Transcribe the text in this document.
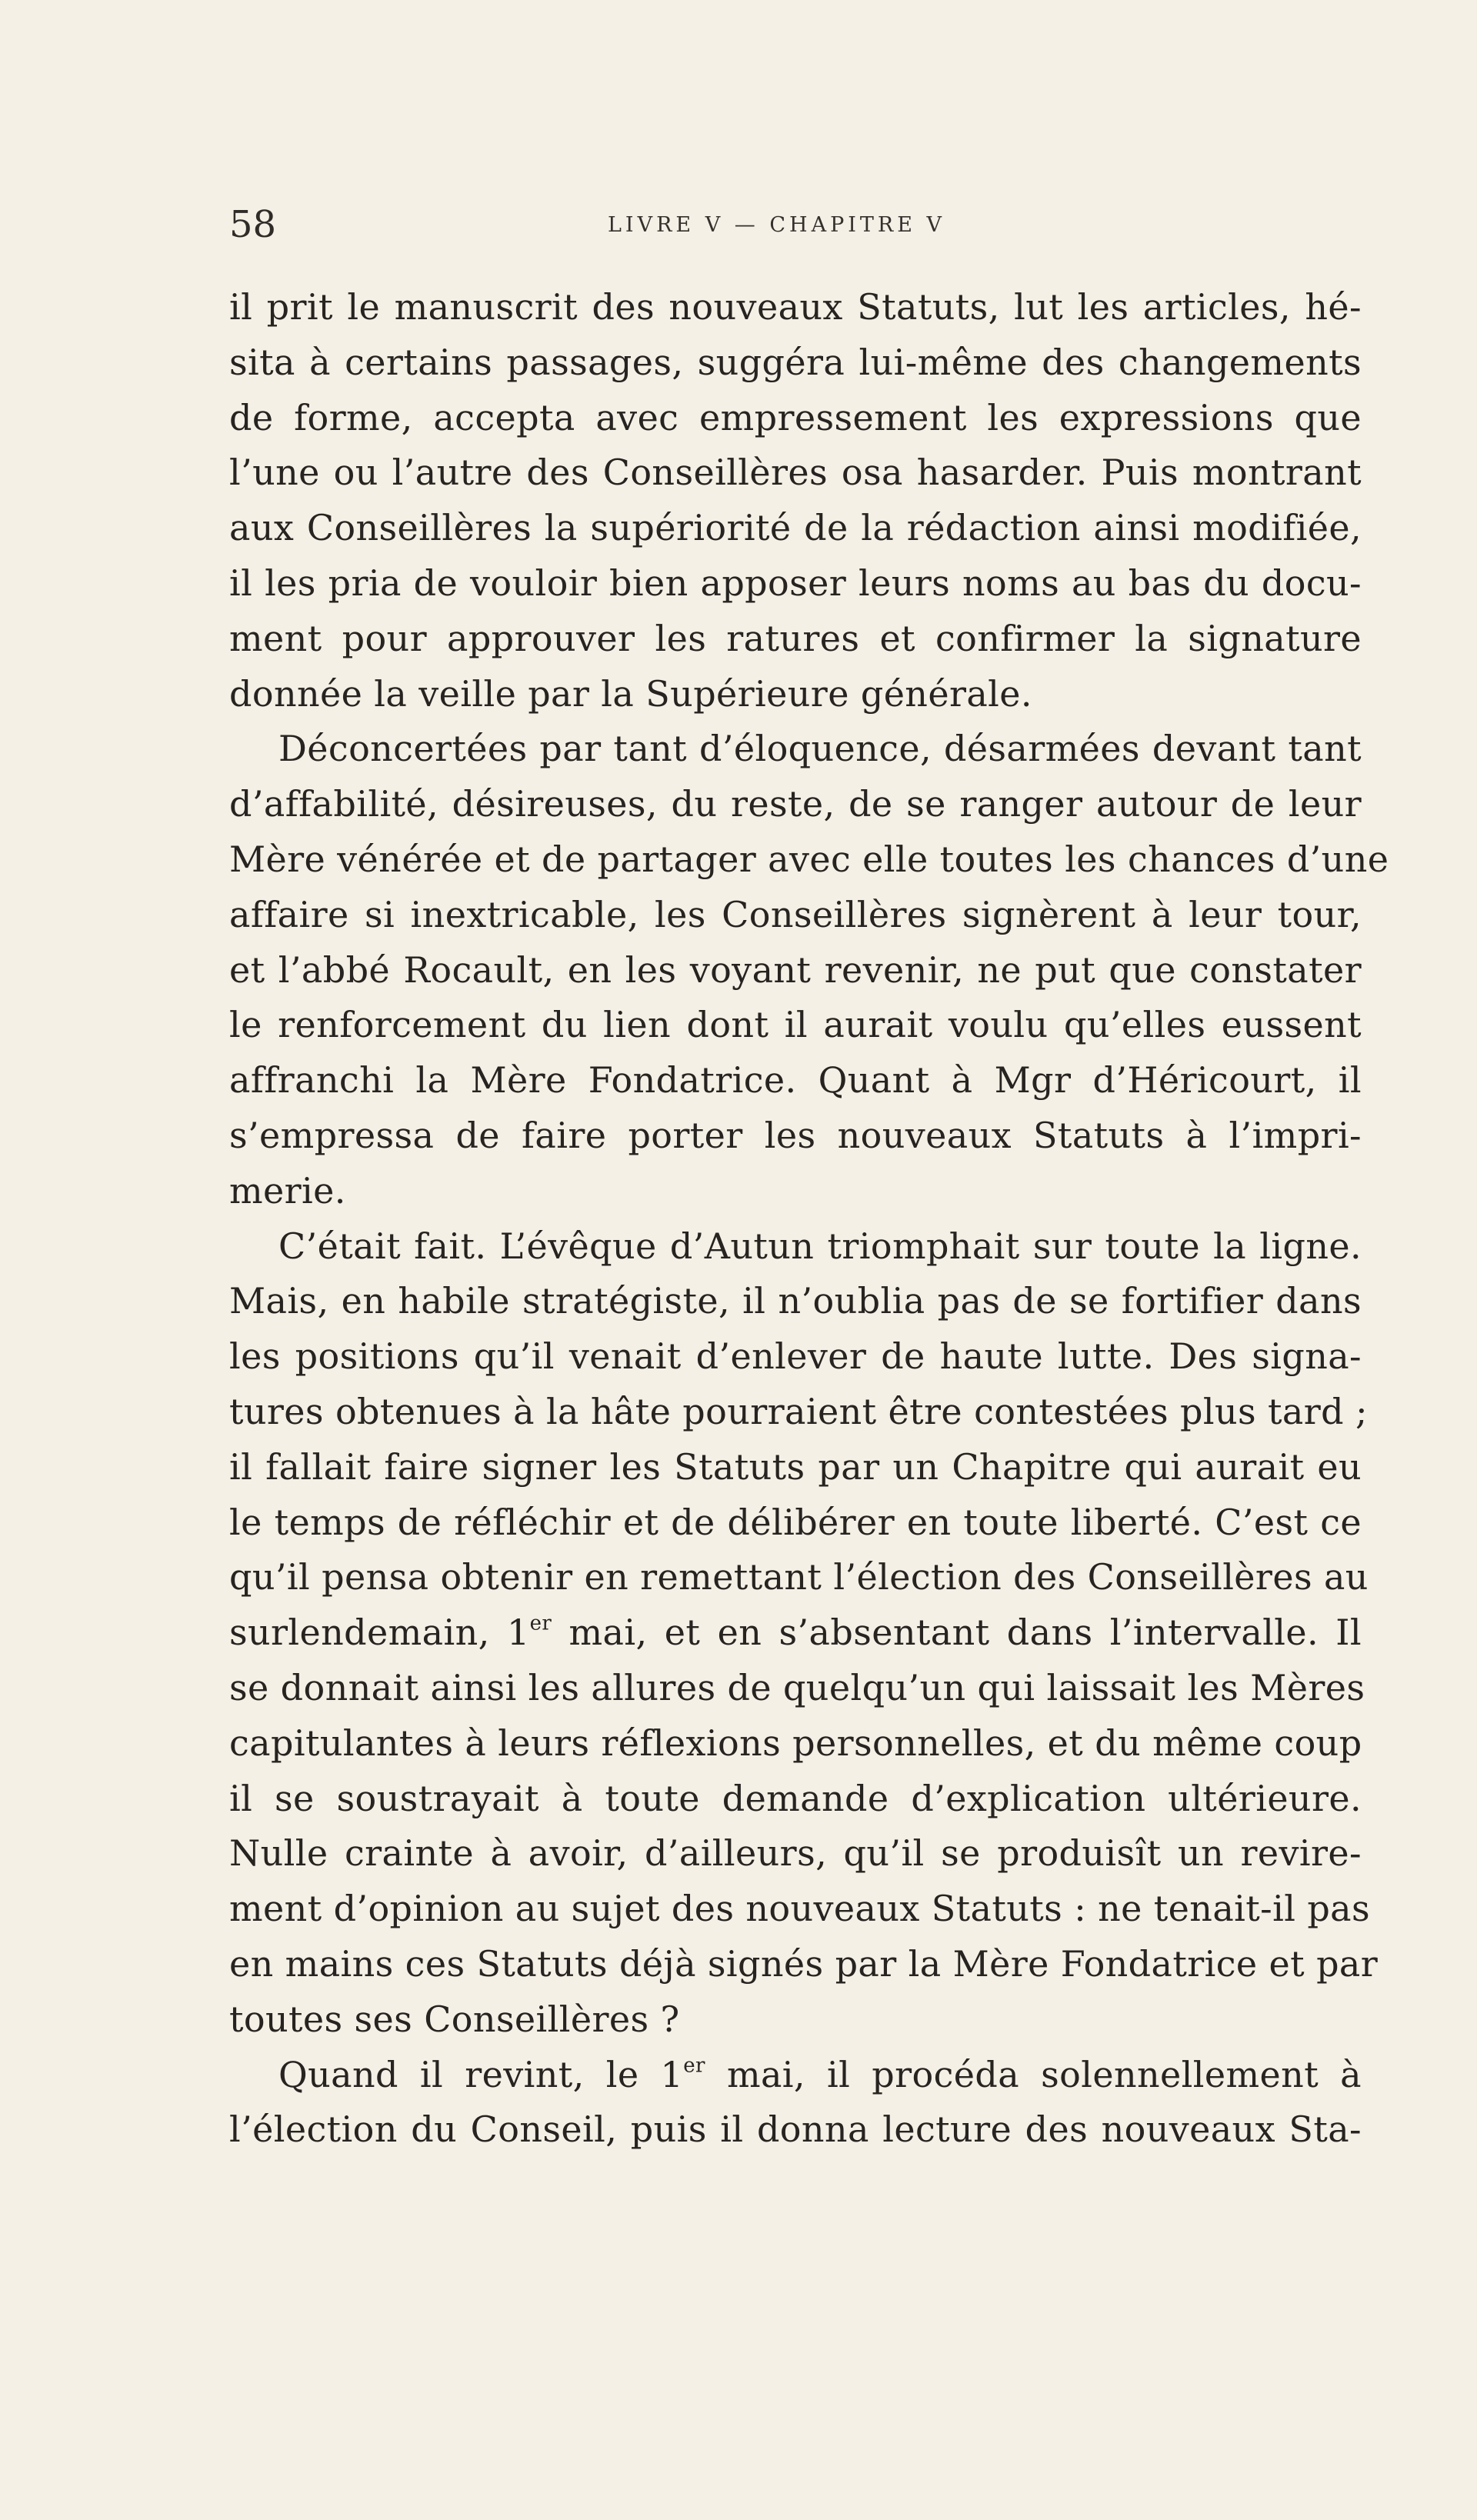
58	LIVRE V — CHAPITRE V
il prit le manuscrit des nouveaux Statuts, lut les articles, hé-
sita à certains passages, suggéra lui-même des changements
de forme, accepta avec empressement les expressions que
l’une ou l’autre des Conseillères osa hasarder. Puis montrant
aux Conseillères la supériorité de la rédaction ainsi modifiée,
il les pria de vouloir bien apposer leurs noms au bas du docu-
ment pour approuver les ratures et confirmer la signature
donnée la veille par la Supérieure générale.
Déconcertées par tant d’éloquence, désarmées devant tant
d’affabilité, désireuses, du reste, de se ranger autour de leur
Mère vénérée et de partager avec elle toutes les chances d’une
affaire si inextricable, les Conseillères signèrent à leur tour,
et l’abbé Rocault, en les voyant revenir, ne put que constater
le renforcement du lien dont il aurait voulu qu’elles eussent
affranchi la Mère Fondatrice. Quant à Mgr d’Héricourt, il
s’empressa de faire porter les nouveaux Statuts à l’impri-
merie.
C’était fait. L’évêque d’Autun triomphait sur toute la ligne.
Mais, en habile stratégiste, il n’oublia pas de se fortifier dans
les positions qu’il venait d’enlever de haute lutte. Des signa-
tures obtenues à la hâte pourraient être contestées plus tard ;
il fallait faire signer les Statuts par un Chapitre qui aurait eu
le temps de réfléchir et de délibérer en toute liberté. C’est ce
qu’il pensa obtenir en remettant l’élection des Conseillères au
surlendemain, 1er mai, et en s’absentant dans l’intervalle. Il
se donnait ainsi les allures de quelqu’un qui laissait les Mères
capitulantes à leurs réflexions personnelles, et du même coup
il se soustrayait à toute demande d’explication ultérieure.
Nulle crainte à avoir, d’ailleurs, qu’il se produisît un revire-
ment d’opinion au sujet des nouveaux Statuts : ne tenait-il pas
en mains ces Statuts déjà signés par la Mère Fondatrice et par
toutes ses Conseillères ?
Quand il revint, le 1er mai, il procéda solennellement à
l’élection du Conseil, puis il donna lecture des nouveaux Sta-
